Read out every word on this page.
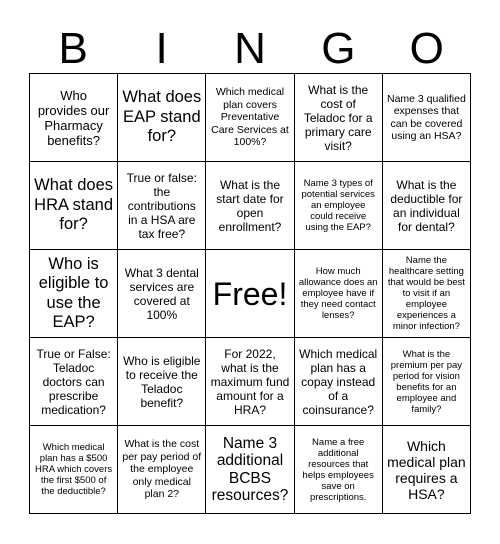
B	I	N	G	O
Who provides our Pharmacy benefits?
What does EAP stand for?
Which medical plan covers Preventative Care Services at 100%?
What is the cost of Teladoc for a primary care visit?
Name 3 qualified expenses that can be covered using an HSA?
What does HRA stand for?
True or false: the contributions in a HSA are tax free?
What is the start date for open enrollment?
Name 3 types of potential services an employee could receive using the EAP?
What is the deductible for an individual for dental?
Who is eligible to use the EAP?
What 3 dental services are covered at 100%
Free!
How much allowance does an employee have if they need contact lenses?
Name the healthcare setting that would be best to visit if an employee experiences a minor infection?
True or False: Teladoc doctors can prescribe medication?
Who is eligible to receive the Teladoc benefit?
For 2022, what is the maximum fund amount for a HRA?
Which medical plan has a copay instead of a coinsurance?
What is the premium per pay period for vision benefits for an employee and family?
Which medical plan has a $500 HRA which covers the first $500 of the deductible?
What is the cost per pay period of the employee only medical plan 2?
Name 3 additional BCBS resources?
Name a free additional resources that helps employees save on prescriptions.
Which medical plan requires a HSA?
